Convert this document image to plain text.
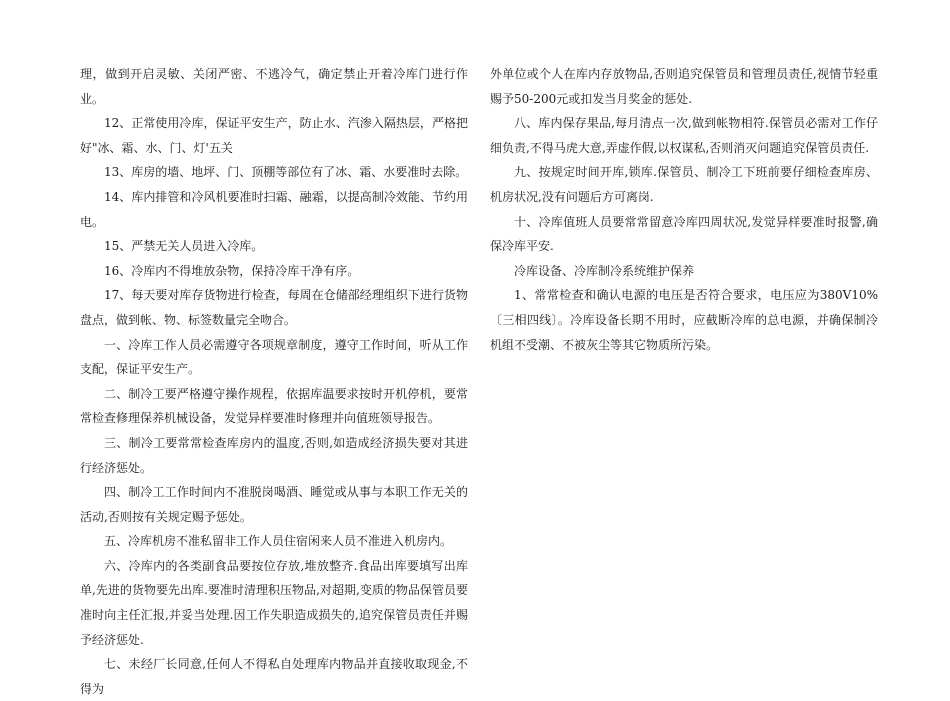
理，做到开启灵敏、关闭严密、不逃冷气，确定禁止开着冷库门进行作业。

12、正常使用冷库，保证平安生产，防止水、汽渗入隔热层，严格把好"冰、霜、水、门、灯'五关

13、库房的墙、地坪、门、顶棚等部位有了冰、霜、水要准时去除。

14、库内排管和冷风机要准时扫霜、融霜，以提高制冷效能、节约用电。

15、严禁无关人员进入冷库。

16、冷库内不得堆放杂物，保持冷库干净有序。

17、每天要对库存货物进行检查，每周在仓储部经理组织下进行货物盘点，做到帐、物、标签数量完全吻合。

一、冷库工作人员必需遵守各项规章制度，遵守工作时间，听从工作支配，保证平安生产。

二、制冷工要严格遵守操作规程，依据库温要求按时开机停机，要常常检查修理保养机械设备，发觉异样要准时修理并向值班领导报告。

三、制冷工要常常检查库房内的温度,否则,如造成经济损失要对其进行经济惩处。

四、制冷工工作时间内不准脱岗喝酒、睡觉或从事与本职工作无关的活动,否则按有关规定赐予惩处。

五、冷库机房不准私留非工作人员住宿闲来人员不准进入机房内。

六、冷库内的各类副食品要按位存放,堆放整齐.食品出库要填写出库单,先进的货物要先出库.要准时清理积压物品,对超期,变质的物品保管员要准时向主任汇报,并妥当处理.因工作失职造成损失的,追究保管员责任并赐予经济惩处.

七、未经厂长同意,任何人不得私自处理库内物品并直接收取现金,不得为

外单位或个人在库内存放物品,否则追究保管员和管理员责任,视情节轻重赐予50-200元或扣发当月奖金的惩处.

八、库内保存果品,每月清点一次,做到帐物相符.保管员必需对工作仔细负责,不得马虎大意,弄虚作假,以权谋私,否则消灭问题追究保管员责任.

九、按规定时间开库,锁库.保管员、制冷工下班前要仔细检查库房、机房状况,没有问题后方可离岗.

十、冷库值班人员要常常留意冷库四周状况,发觉异样要准时报警,确保冷库平安.

冷库设备、冷库制冷系统维护保养

1、常常检查和确认电源的电压是否符合要求，电压应为380V10%〔三相四线〕。冷库设备长期不用时，应截断冷库的总电源，并确保制冷机组不受潮、不被灰尘等其它物质所污染。
